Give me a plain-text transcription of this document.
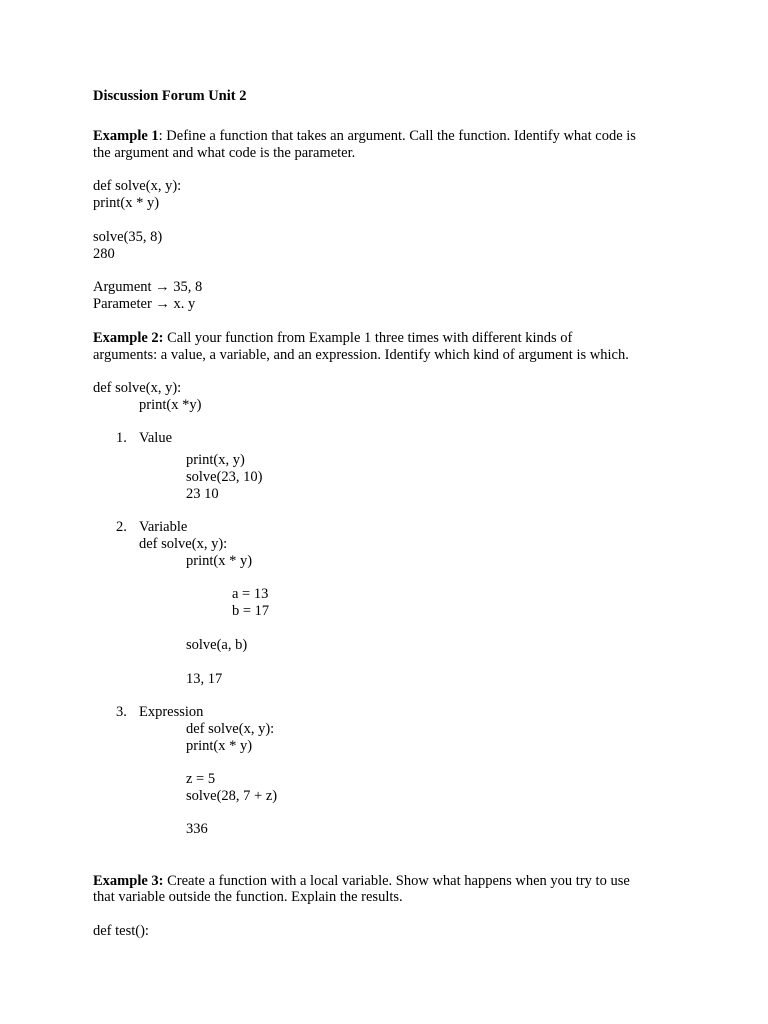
Discussion Forum Unit 2
Example 1: Define a function that takes an argument. Call the function. Identify what code is
the argument and what code is the parameter.
def solve(x, y):
print(x * y)
solve(35, 8)
280
Argument → 35, 8
Parameter → x. y
Example 2: Call your function from Example 1 three times with different kinds of
arguments: a value, a variable, and an expression. Identify which kind of argument is which.
def solve(x, y):
print(x *y)
1. Value
print(x, y)
solve(23, 10)
23 10
2. Variable
def solve(x, y):
print(x * y)
a = 13
b = 17
solve(a, b)
13, 17
3. Expression
def solve(x, y):
print(x * y)
z = 5
solve(28, 7 + z)
336
Example 3: Create a function with a local variable. Show what happens when you try to use
that variable outside the function. Explain the results.
def test():
